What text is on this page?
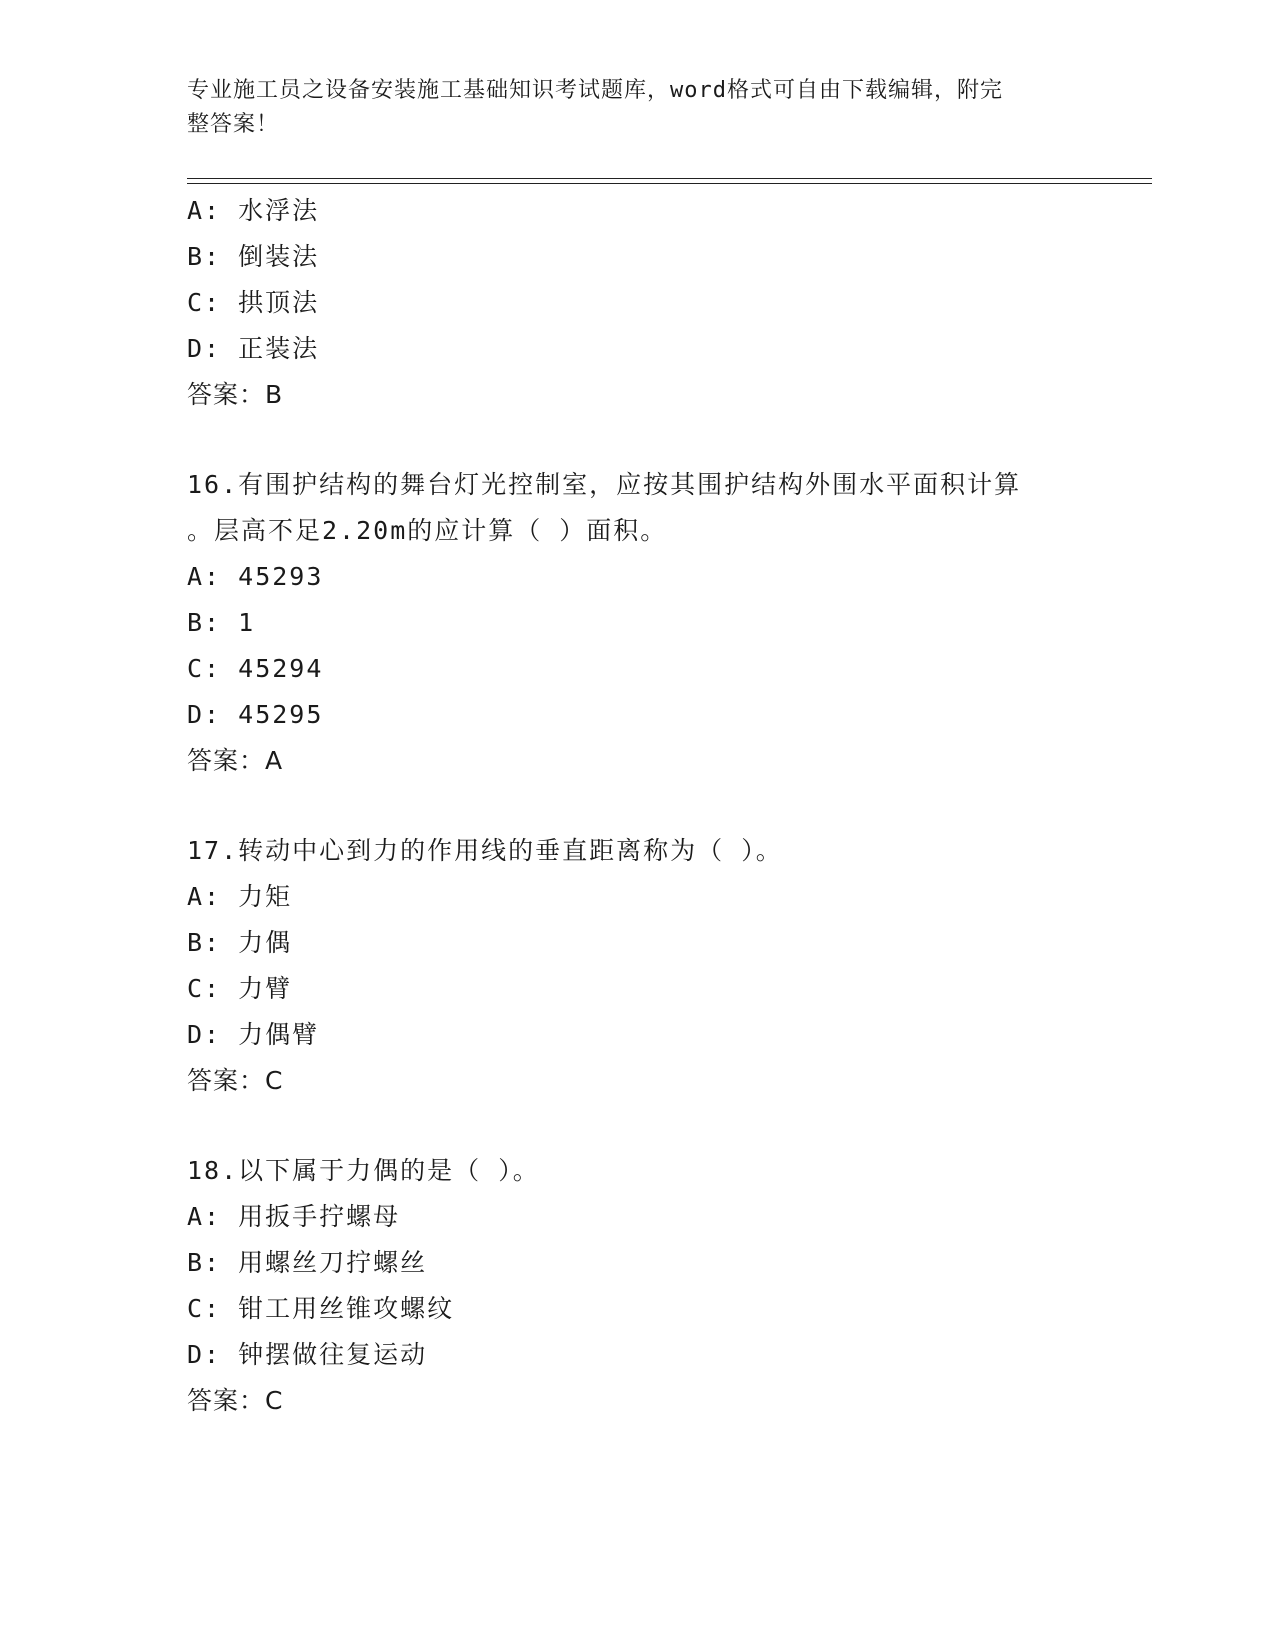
专业施工员之设备安装施工基础知识考试题库，word格式可自由下载编辑，附完
整答案！
A: 水浮法
B: 倒装法
C: 拱顶法
D: 正装法
答案：B
16.有围护结构的舞台灯光控制室，应按其围护结构外围水平面积计算
。层高不足2.20m的应计算（ ）面积。
A: 45293
B: 1
C: 45294
D: 45295
答案：A
17.转动中心到力的作用线的垂直距离称为（ ）。
A: 力矩
B: 力偶
C: 力臂
D: 力偶臂
答案：C
18.以下属于力偶的是（ ）。
A: 用扳手拧螺母
B: 用螺丝刀拧螺丝
C: 钳工用丝锥攻螺纹
D: 钟摆做往复运动
答案：C
